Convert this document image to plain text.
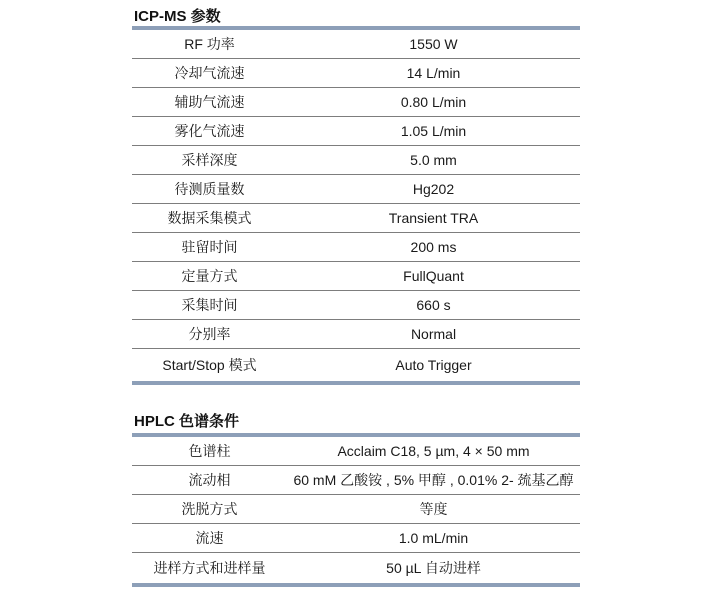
ICP-MS 参数
RF 功率	1550 W
冷却气流速	14 L/min
辅助气流速	0.80 L/min
雾化气流速	1.05 L/min
采样深度	5.0 mm
待测质量数	Hg202
数据采集模式	Transient TRA
驻留时间	200 ms
定量方式	FullQuant
采集时间	660 s
分别率	Normal
Start/Stop 模式	Auto Trigger
HPLC 色谱条件
色谱柱	Acclaim C18, 5 µm, 4 × 50 mm
流动相	60 mM 乙酸铵 , 5% 甲醇 , 0.01% 2- 巯基乙醇
洗脱方式	等度
流速	1.0 mL/min
进样方式和进样量	50 µL 自动进样
